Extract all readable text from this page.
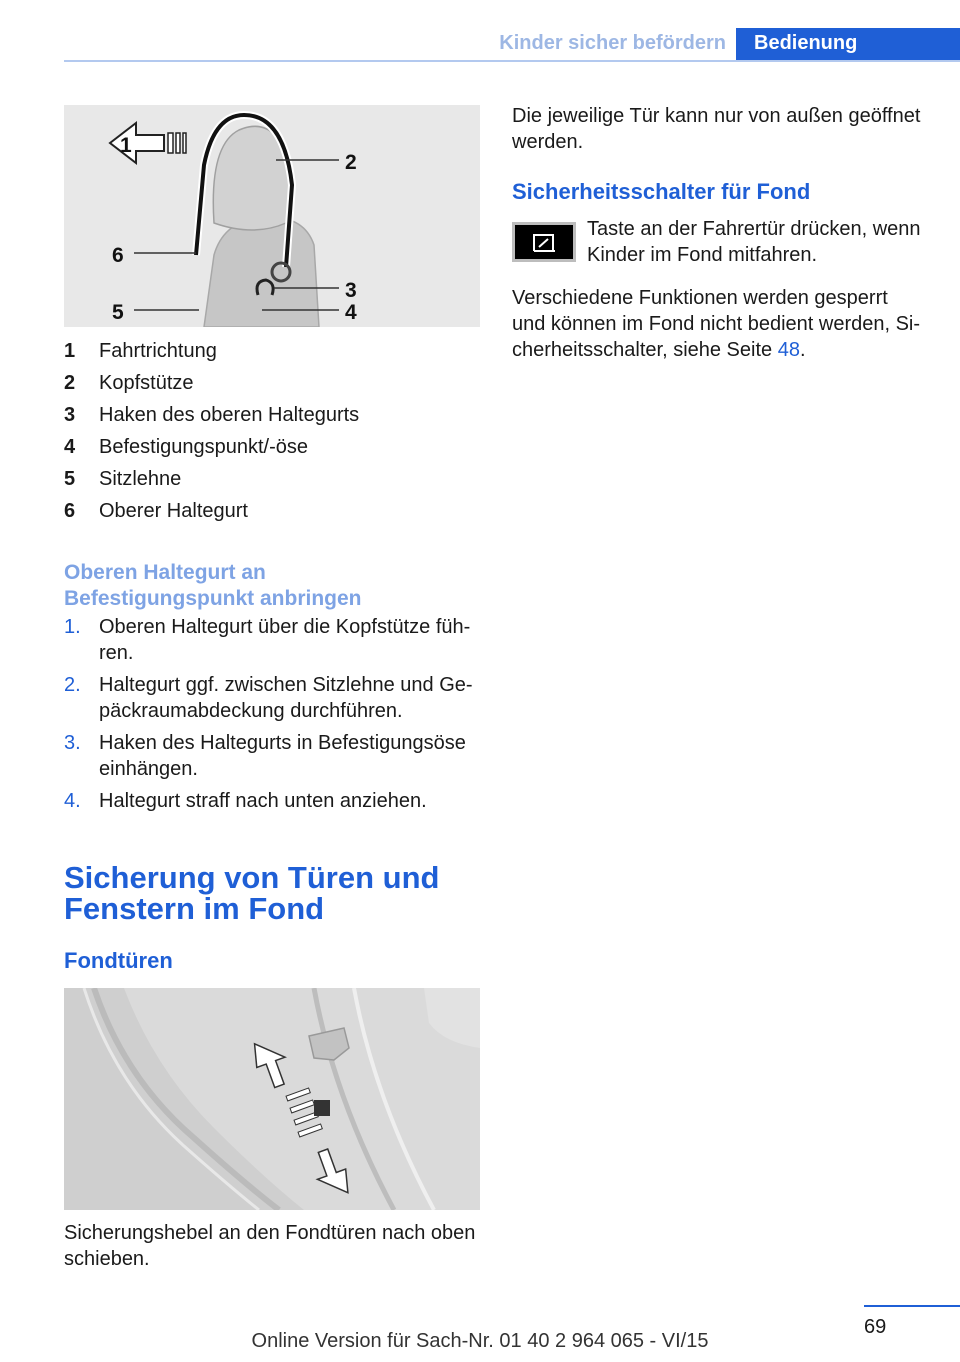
Kinder sicher befördern	Bedienung
1
2
3
4
5
6
1 Fahrtrichtung
2 Kopfstütze
3 Haken des oberen Haltegurts
4 Befestigungspunkt/-öse
5 Sitzlehne
6 Oberer Haltegurt
Oberen Haltegurt an
Befestigungspunkt anbringen
1. Oberen Haltegurt über die Kopfstütze füh‐ren.
2. Haltegurt ggf. zwischen Sitzlehne und Ge‐päckraumabdeckung durchführen.
3. Haken des Haltegurts in Befestigungsöse einhängen.
4. Haltegurt straff nach unten anziehen.
Sicherung von Türen und
Fenstern im Fond
Fondtüren
Sicherungshebel an den Fondtüren nach oben schieben.
Die jeweilige Tür kann nur von außen geöffnet werden.
Sicherheitsschalter für Fond
Taste an der Fahrertür drücken, wenn Kinder im Fond mitfahren.
Verschiedene Funktionen werden gesperrt und können im Fond nicht bedient werden, Si‐cherheitsschalter, siehe Seite 48.
69
Online Version für Sach-Nr. 01 40 2 964 065 - VI/15
